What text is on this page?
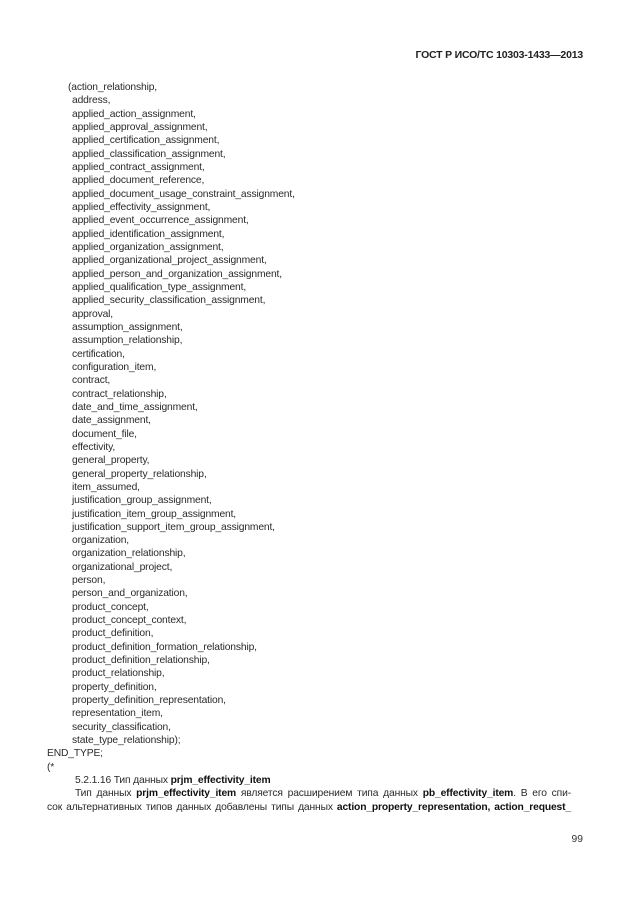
ГОСТ Р ИСО/ТС 10303-1433—2013
(action_relationship,
address,
applied_action_assignment,
applied_approval_assignment,
applied_certification_assignment,
applied_classification_assignment,
applied_contract_assignment,
applied_document_reference,
applied_document_usage_constraint_assignment,
applied_effectivity_assignment,
applied_event_occurrence_assignment,
applied_identification_assignment,
applied_organization_assignment,
applied_organizational_project_assignment,
applied_person_and_organization_assignment,
applied_qualification_type_assignment,
applied_security_classification_assignment,
approval,
assumption_assignment,
assumption_relationship,
certification,
configuration_item,
contract,
contract_relationship,
date_and_time_assignment,
date_assignment,
document_file,
effectivity,
general_property,
general_property_relationship,
item_assumed,
justification_group_assignment,
justification_item_group_assignment,
justification_support_item_group_assignment,
organization,
organization_relationship,
organizational_project,
person,
person_and_organization,
product_concept,
product_concept_context,
product_definition,
product_definition_formation_relationship,
product_definition_relationship,
product_relationship,
property_definition,
property_definition_representation,
representation_item,
security_classification,
state_type_relationship);
END_TYPE;
(*
5.2.1.16 Тип данных prjm_effectivity_item
Тип данных prjm_effectivity_item является расширением типа данных pb_effectivity_item. В его спи-
сок альтернативных типов данных добавлены типы данных action_property_representation, action_request_
99
